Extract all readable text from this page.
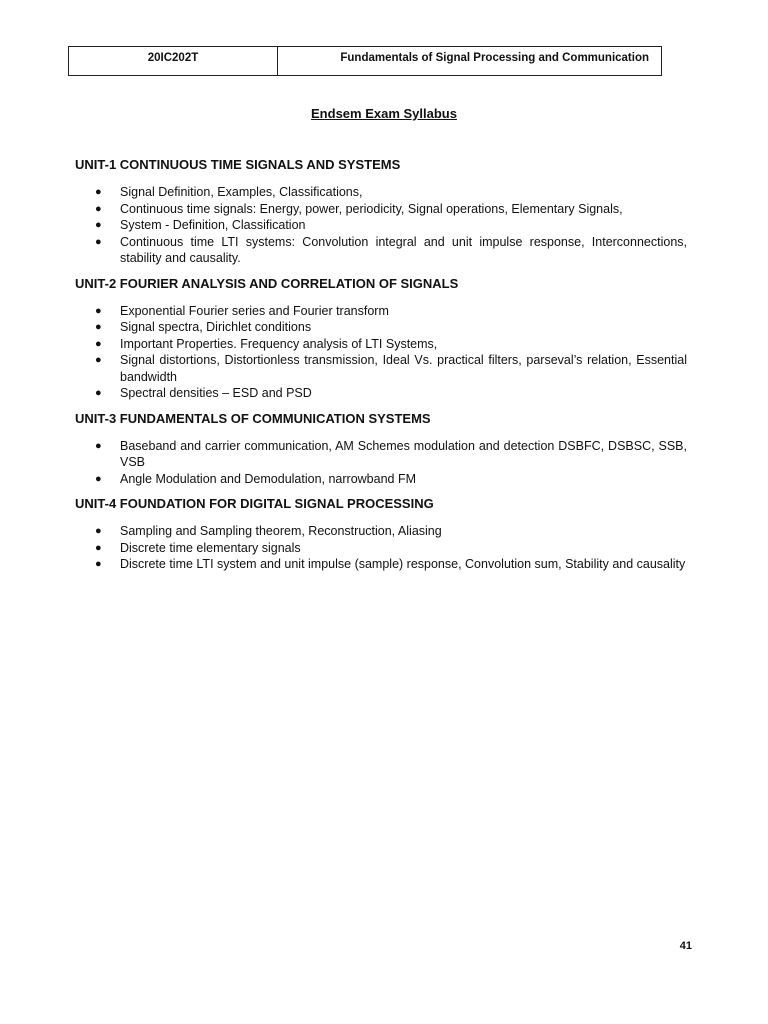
20IC202T	Fundamentals of Signal Processing and Communication
Endsem Exam Syllabus
UNIT-1 CONTINUOUS TIME SIGNALS AND SYSTEMS
● Signal Definition, Examples, Classifications,
● Continuous time signals: Energy, power, periodicity, Signal operations, Elementary Signals,
● System - Definition, Classification
● Continuous time LTI systems: Convolution integral and unit impulse response, Interconnections, stability and causality.
UNIT-2 FOURIER ANALYSIS AND CORRELATION OF SIGNALS
● Exponential Fourier series and Fourier transform
● Signal spectra, Dirichlet conditions
● Important Properties. Frequency analysis of LTI Systems,
● Signal distortions, Distortionless transmission, Ideal Vs. practical filters, parseval’s relation, Essential bandwidth
● Spectral densities – ESD and PSD
UNIT-3 FUNDAMENTALS OF COMMUNICATION SYSTEMS
● Baseband and carrier communication, AM Schemes modulation and detection DSBFC, DSBSC, SSB, VSB
● Angle Modulation and Demodulation, narrowband FM
UNIT-4 FOUNDATION FOR DIGITAL SIGNAL PROCESSING
● Sampling and Sampling theorem, Reconstruction, Aliasing
● Discrete time elementary signals
● Discrete time LTI system and unit impulse (sample) response, Convolution sum, Stability and causality
41
